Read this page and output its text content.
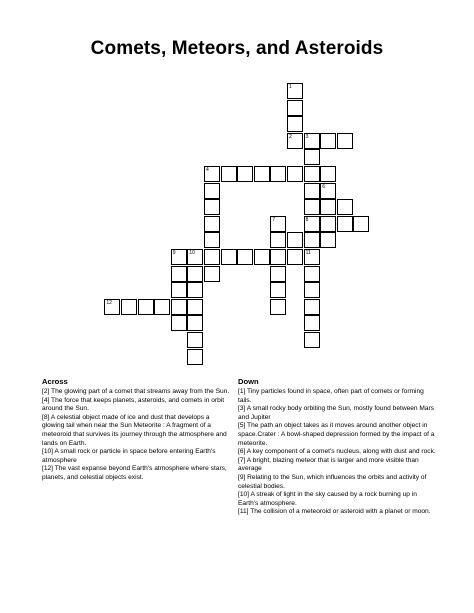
Comets, Meteors, and Asteroids
1
2	3
4
6
8
11
7
9	10
12
Across

[2] The glowing part of a comet that streams away from the Sun.

[4] The force that keeps planets, asteroids, and comets in orbit around the Sun.

[8] A celestial object made of ice and dust that develops a glowing tail when near the Sun Meteorite : A fragment of a meteoroid that survives its journey through the atmosphere and lands on Earth.

[10] A small rock or particle in space before entering Earth's atmosphere

[12] The vast expanse beyond Earth's atmosphere where stars, planets, and celestial objects exist.

Down

[1] Tiny particles found in space, often part of comets or forming tails.

[3] A small rocky body orbiting the Sun, mostly found between Mars and Jupiter

[5] The path an object takes as it moves around another object in space.Crater : A bowl-shaped depression formed by the impact of a meteorite.

[6] A key component of a comet's nucleus, along with dust and rock.

[7] A bright, blazing meteor that is larger and more visible than average

[9] Relating to the Sun, which influences the orbits and activity of celestial bodies.

[10] A streak of light in the sky caused by a rock burning up in Earth's atmosphere.

[11] The collision of a meteoroid or asteroid with a planet or moon.
